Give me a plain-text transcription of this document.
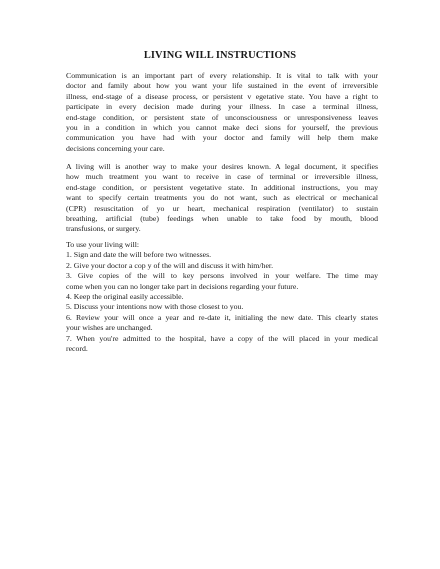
LIVING WILL INSTRUCTIONS
Communication is an important part of every relationship. It is vital to talk with your
doctor and family about how you want your life sustained in the event of irreversible
illness, end-stage of a disease process, or persistent v egetative state. You have a right to
participate in every decision made during your illness. In case a terminal illness,
end-stage condition, or persistent state of unconsciousness or unresponsiveness leaves
you in a condition in which you cannot make deci sions for yourself, the previous
communication you have had with your doctor and family will help them make
decisions concerning your care.
A living will is another way to make your desires known. A legal document, it specifies
how much treatment you want to receive in case of terminal or irreversible illness,
end-stage condition, or persistent vegetative state. In additional instructions, you may
want to specify certain treatments you do not want, such as electrical or mechanical
(CPR) resuscitation of yo ur heart, mechanical respiration (ventilator) to sustain
breathing, artificial (tube) feedings when unable to take food by mouth, blood
transfusions, or surgery.
To use your living will:
1. Sign and date the will before two witnesses.
2. Give your doctor a cop y of the will and discuss it with him/her.
3. Give copies of the will to key persons involved in your welfare. The time may
come when you can no longer take part in decisions regarding your future.
4. Keep the original easily accessible.
5. Discuss your intentions now with those closest to you.
6. Review your will once a year and re-date it, initialing the new date. This clearly states
your wishes are unchanged.
7. When you're admitted to the hospital, have a copy of the will placed in your medical
record.
